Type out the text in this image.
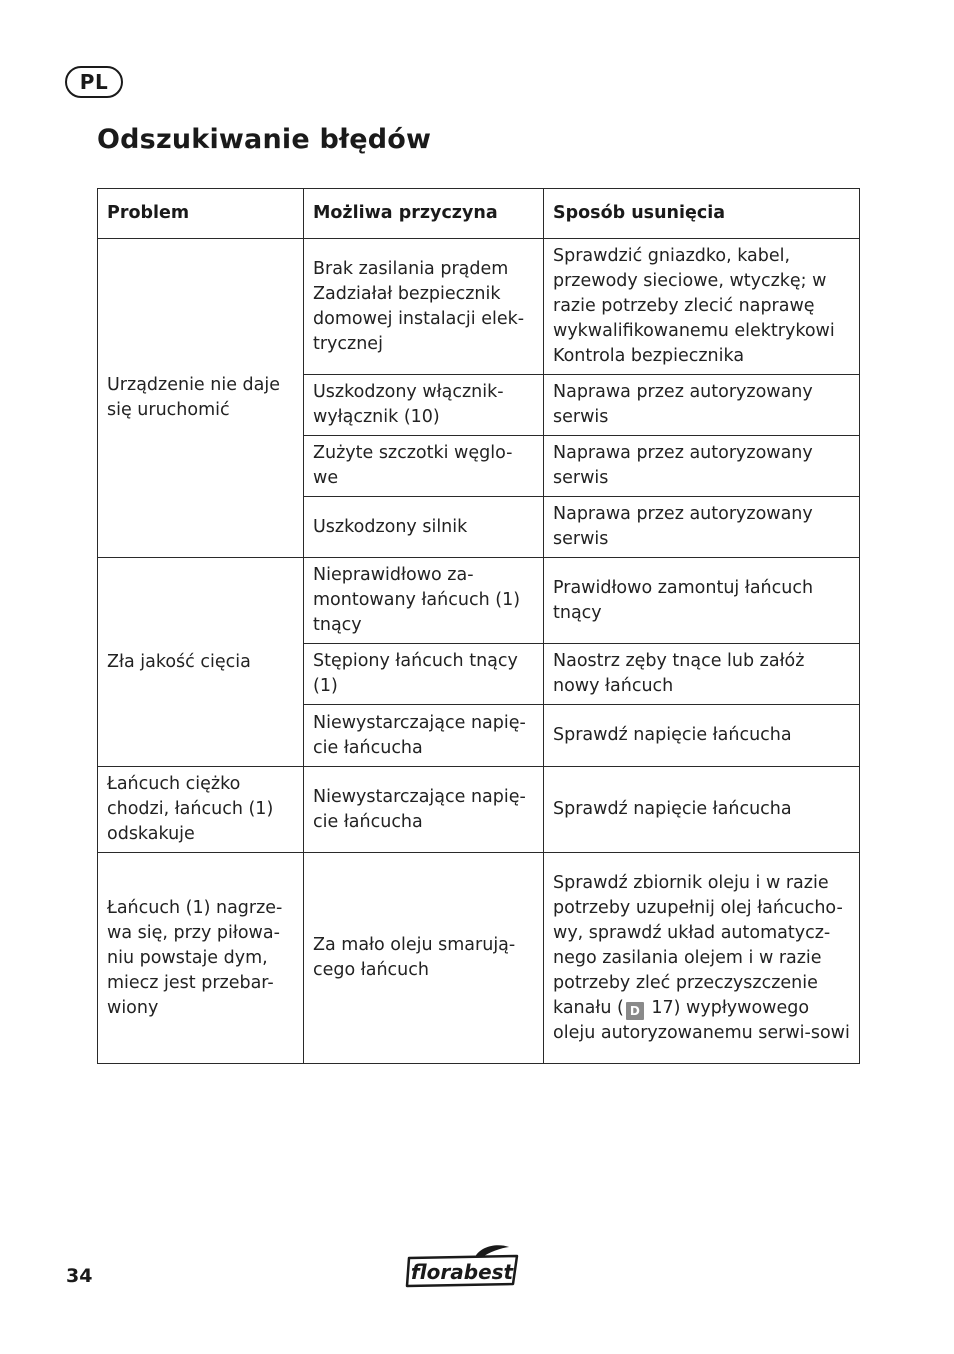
PL
Odszukiwanie błędów
Problem	Możliwa przyczyna	Sposób usunięcia
Urządzenie nie daje się uruchomić	Brak zasilania prądem Zadziałał bezpiecznik domowej instalacji elek-trycznej	Sprawdzić gniazdko, kabel, przewody sieciowe, wtyczkę; w razie potrzeby zlecić naprawę wykwalifikowanemu elektrykowi Kontrola bezpiecznika
	Uszkodzony włącznik-wyłącznik (10)	Naprawa przez autoryzowany serwis
	Zużyte szczotki węglo-we	Naprawa przez autoryzowany serwis
	Uszkodzony silnik	Naprawa przez autoryzowany serwis
Zła jakość cięcia	Nieprawidłowo za-montowany łańcuch (1) tnący	Prawidłowo zamontuj łańcuch tnący
	Stępiony łańcuch tnący (1)	Naostrz zęby tnące lub załóż nowy łańcuch
	Niewystarczające napię-cie łańcucha	Sprawdź napięcie łańcucha
Łańcuch ciężko chodzi, łańcuch (1) odskakuje	Niewystarczające napię-cie łańcucha	Sprawdź napięcie łańcucha
Łańcuch (1) nagrze-wa się, przy piłowa-niu powstaje dym, miecz jest przebar-wiony	Za mało oleju smarują-cego łańcuch	Sprawdź zbiornik oleju i w razie potrzeby uzupełnij olej łańcucho-wy, sprawdź układ automatycz-nego zasilania olejem i w razie potrzeby zleć przeczyszczenie kanału ( D 17) wypływowego oleju autoryzowanemu serwi-sowi
34	florabest
